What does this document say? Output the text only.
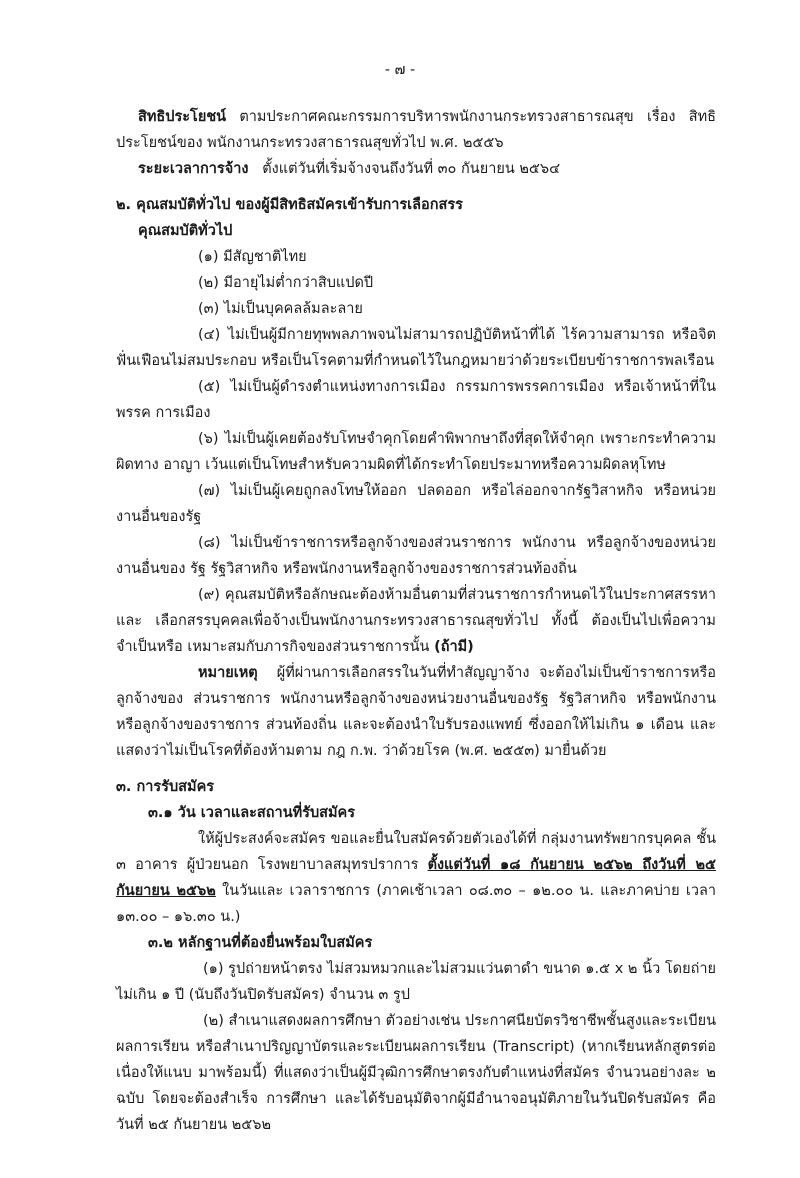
- ๗ -

สิทธิประโยชน์ ตามประกาศคณะกรรมการบริหารพนักงานกระทรวงสาธารณสุข เรื่อง สิทธิประโยชน์ของ พนักงานกระทรวงสาธารณสุขทั่วไป พ.ศ. ๒๕๕๖

ระยะเวลาการจ้าง ตั้งแต่วันที่เริ่มจ้างจนถึงวันที่ ๓๐ กันยายน ๒๕๖๔

๒. คุณสมบัติทั่วไป ของผู้มีสิทธิสมัครเข้ารับการเลือกสรร

คุณสมบัติทั่วไป

(๑) มีสัญชาติไทย

(๒) มีอายุไม่ต่ำกว่าสิบแปดปี

(๓) ไม่เป็นบุคคลล้มละลาย

(๔) ไม่เป็นผู้มีกายทุพพลภาพจนไม่สามารถปฏิบัติหน้าที่ได้ ไร้ความสามารถ หรือจิต ฟั่นเฟือนไม่สมประกอบ หรือเป็นโรคตามที่กำหนดไว้ในกฎหมายว่าด้วยระเบียบข้าราชการพลเรือน

(๕) ไม่เป็นผู้ดำรงตำแหน่งทางการเมือง กรรมการพรรคการเมือง หรือเจ้าหน้าที่ในพรรค การเมือง

(๖) ไม่เป็นผู้เคยต้องรับโทษจำคุกโดยคำพิพากษาถึงที่สุดให้จำคุก เพราะกระทำความผิดทาง อาญา เว้นแต่เป็นโทษสำหรับความผิดที่ได้กระทำโดยประมาทหรือความผิดลหุโทษ

(๗) ไม่เป็นผู้เคยถูกลงโทษให้ออก ปลดออก หรือไล่ออกจากรัฐวิสาหกิจ หรือหน่วยงานอื่นของรัฐ

(๘) ไม่เป็นข้าราชการหรือลูกจ้างของส่วนราชการ พนักงาน หรือลูกจ้างของหน่วยงานอื่นของ รัฐ รัฐวิสาหกิจ หรือพนักงานหรือลูกจ้างของราชการส่วนท้องถิ่น

(๙) คุณสมบัติหรือลักษณะต้องห้ามอื่นตามที่ส่วนราชการกำหนดไว้ในประกาศสรรหาและ เลือกสรรบุคคลเพื่อจ้างเป็นพนักงานกระทรวงสาธารณสุขทั่วไป ทั้งนี้ ต้องเป็นไปเพื่อความจำเป็นหรือ เหมาะสมกับภารกิจของส่วนราชการนั้น (ถ้ามี)

หมายเหตุ ผู้ที่ผ่านการเลือกสรรในวันที่ทำสัญญาจ้าง จะต้องไม่เป็นข้าราชการหรือลูกจ้างของ ส่วนราชการ พนักงานหรือลูกจ้างของหน่วยงานอื่นของรัฐ รัฐวิสาหกิจ หรือพนักงานหรือลูกจ้างของราชการ ส่วนท้องถิ่น และจะต้องนำใบรับรองแพทย์ ซึ่งออกให้ไม่เกิน ๑ เดือน และแสดงว่าไม่เป็นโรคที่ต้องห้ามตาม กฎ ก.พ. ว่าด้วยโรค (พ.ศ. ๒๕๕๓) มายื่นด้วย

๓. การรับสมัคร

๓.๑ วัน เวลาและสถานที่รับสมัคร

ให้ผู้ประสงค์จะสมัคร ขอและยื่นใบสมัครด้วยตัวเองได้ที่ กลุ่มงานทรัพยากรบุคคล ชั้น ๓ อาคาร ผู้ป่วยนอก โรงพยาบาลสมุทรปราการ ตั้งแต่วันที่ ๑๘ กันยายน ๒๕๖๒ ถึงวันที่ ๒๕ กันยายน ๒๕๖๒ ในวันและ เวลาราชการ (ภาคเช้าเวลา ๐๘.๓๐ – ๑๒.๐๐ น. และภาคบ่าย เวลา ๑๓.๐๐ – ๑๖.๓๐ น.)

๓.๒ หลักฐานที่ต้องยื่นพร้อมใบสมัคร

(๑) รูปถ่ายหน้าตรง ไม่สวมหมวกและไม่สวมแว่นตาดำ ขนาด ๑.๕ x ๒ นิ้ว โดยถ่ายไม่เกิน ๑ ปี (นับถึงวันปิดรับสมัคร) จำนวน ๓ รูป

(๒) สำเนาแสดงผลการศึกษา ตัวอย่างเช่น ประกาศนียบัตรวิชาชีพชั้นสูงและระเบียน ผลการเรียน หรือสำเนาปริญญาบัตรและระเบียนผลการเรียน (Transcript) (หากเรียนหลักสูตรต่อเนื่องให้แนบ มาพร้อมนี้) ที่แสดงว่าเป็นผู้มีวุฒิการศึกษาตรงกับตำแหน่งที่สมัคร จำนวนอย่างละ ๒ ฉบับ โดยจะต้องสำเร็จ การศึกษา และได้รับอนุมัติจากผู้มีอำนาจอนุมัติภายในวันปิดรับสมัคร คือ วันที่ ๒๕ กันยายน ๒๕๖๒
